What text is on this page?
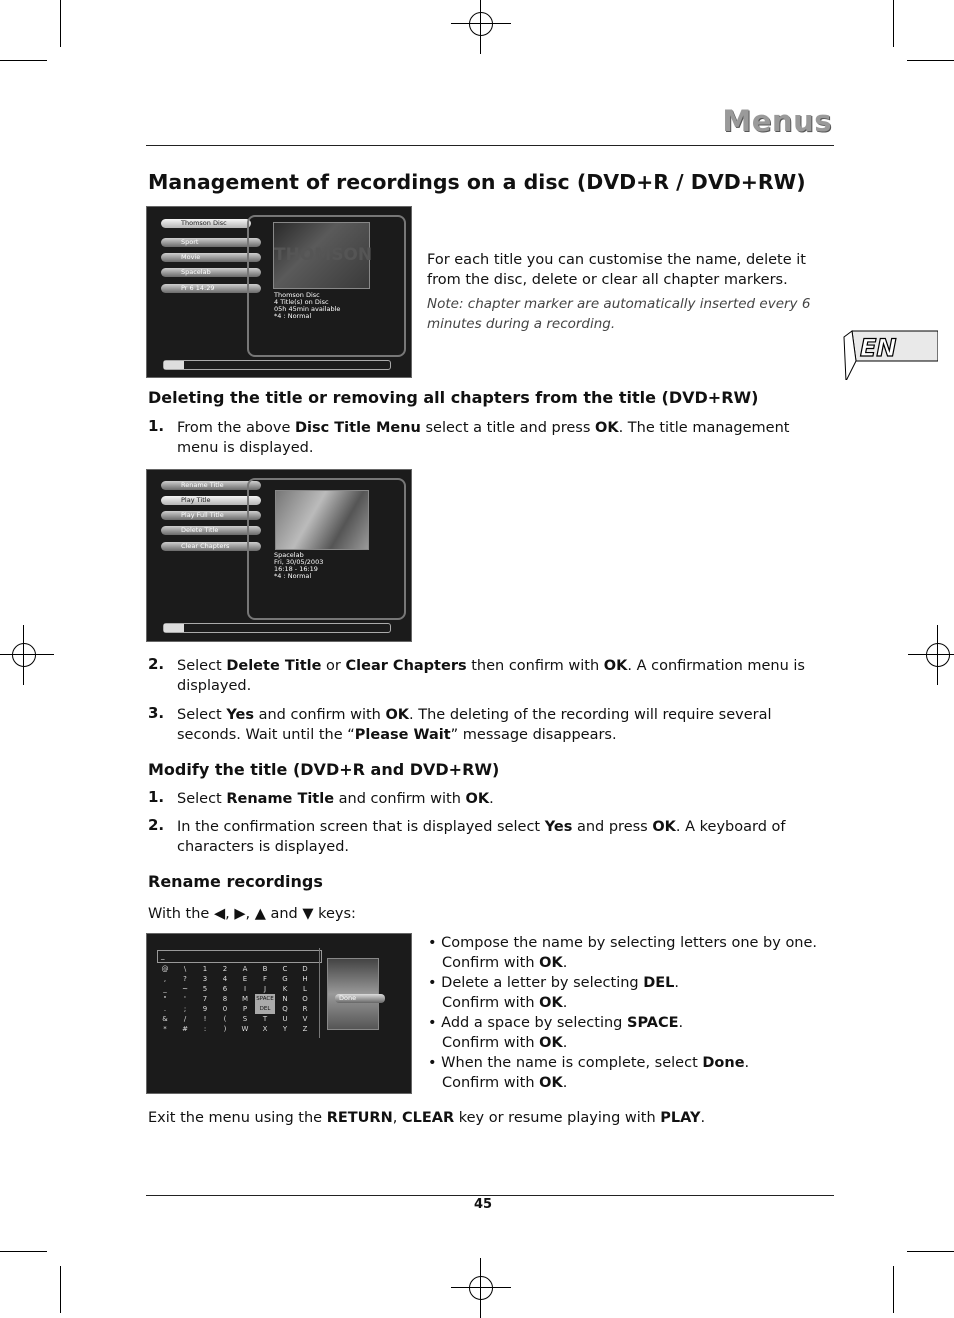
Menus
Management of recordings on a disc (DVD+R / DVD+RW)
Thomson Disc
Sport
Movie
Spacelab
Pr 6 14:29
THOMSON
Thomson Disc
4 Title(s) on Disc
05h 45min available
*4 : Normal

For each title you can customise the name, delete it from the disc, delete or clear all chapter markers.

Note: chapter marker are automatically inserted every 6 minutes during a recording.

EN
Deleting the title or removing all chapters from the title (DVD+RW)
1. From the above Disc Title Menu select a title and press OK. The title management menu is displayed.
Rename Title
Play Title
Play Full Title
Delete Title
Clear Chapters
Spacelab
Fri, 30/05/2003
16:18 - 16:19
*4 : Normal
2. Select Delete Title or Clear Chapters then confirm with OK. A confirmation menu is displayed.
3. Select Yes and confirm with OK. The deleting of the recording will require several seconds. Wait until the “Please Wait” message disappears.
Modify the title (DVD+R and DVD+RW)
1. Select Rename Title and confirm with OK.
2. In the confirmation screen that is displayed select Yes and press OK. A keyboard of characters is displayed.
Rename recordings
With the ◀, ▶, ▲ and ▼ keys:
_
@	\	1	2	A	B	C	D
,	?	3	4	E	F	G	H
_	~	5	6	I	J	K	L
"	'	7	8	M	SPACE	N	O
.	;	9	0	P	DEL	Q	R
&	/	!	(	S	T	U	V
*	#	:	)	W	X	Y	Z
Done
• Compose the name by selecting letters one by one.
Confirm with OK.
• Delete a letter by selecting DEL.
Confirm with OK.
• Add a space by selecting SPACE.
Confirm with OK.
• When the name is complete, select Done.
Confirm with OK.
Exit the menu using the RETURN, CLEAR key or resume playing with PLAY.
45
